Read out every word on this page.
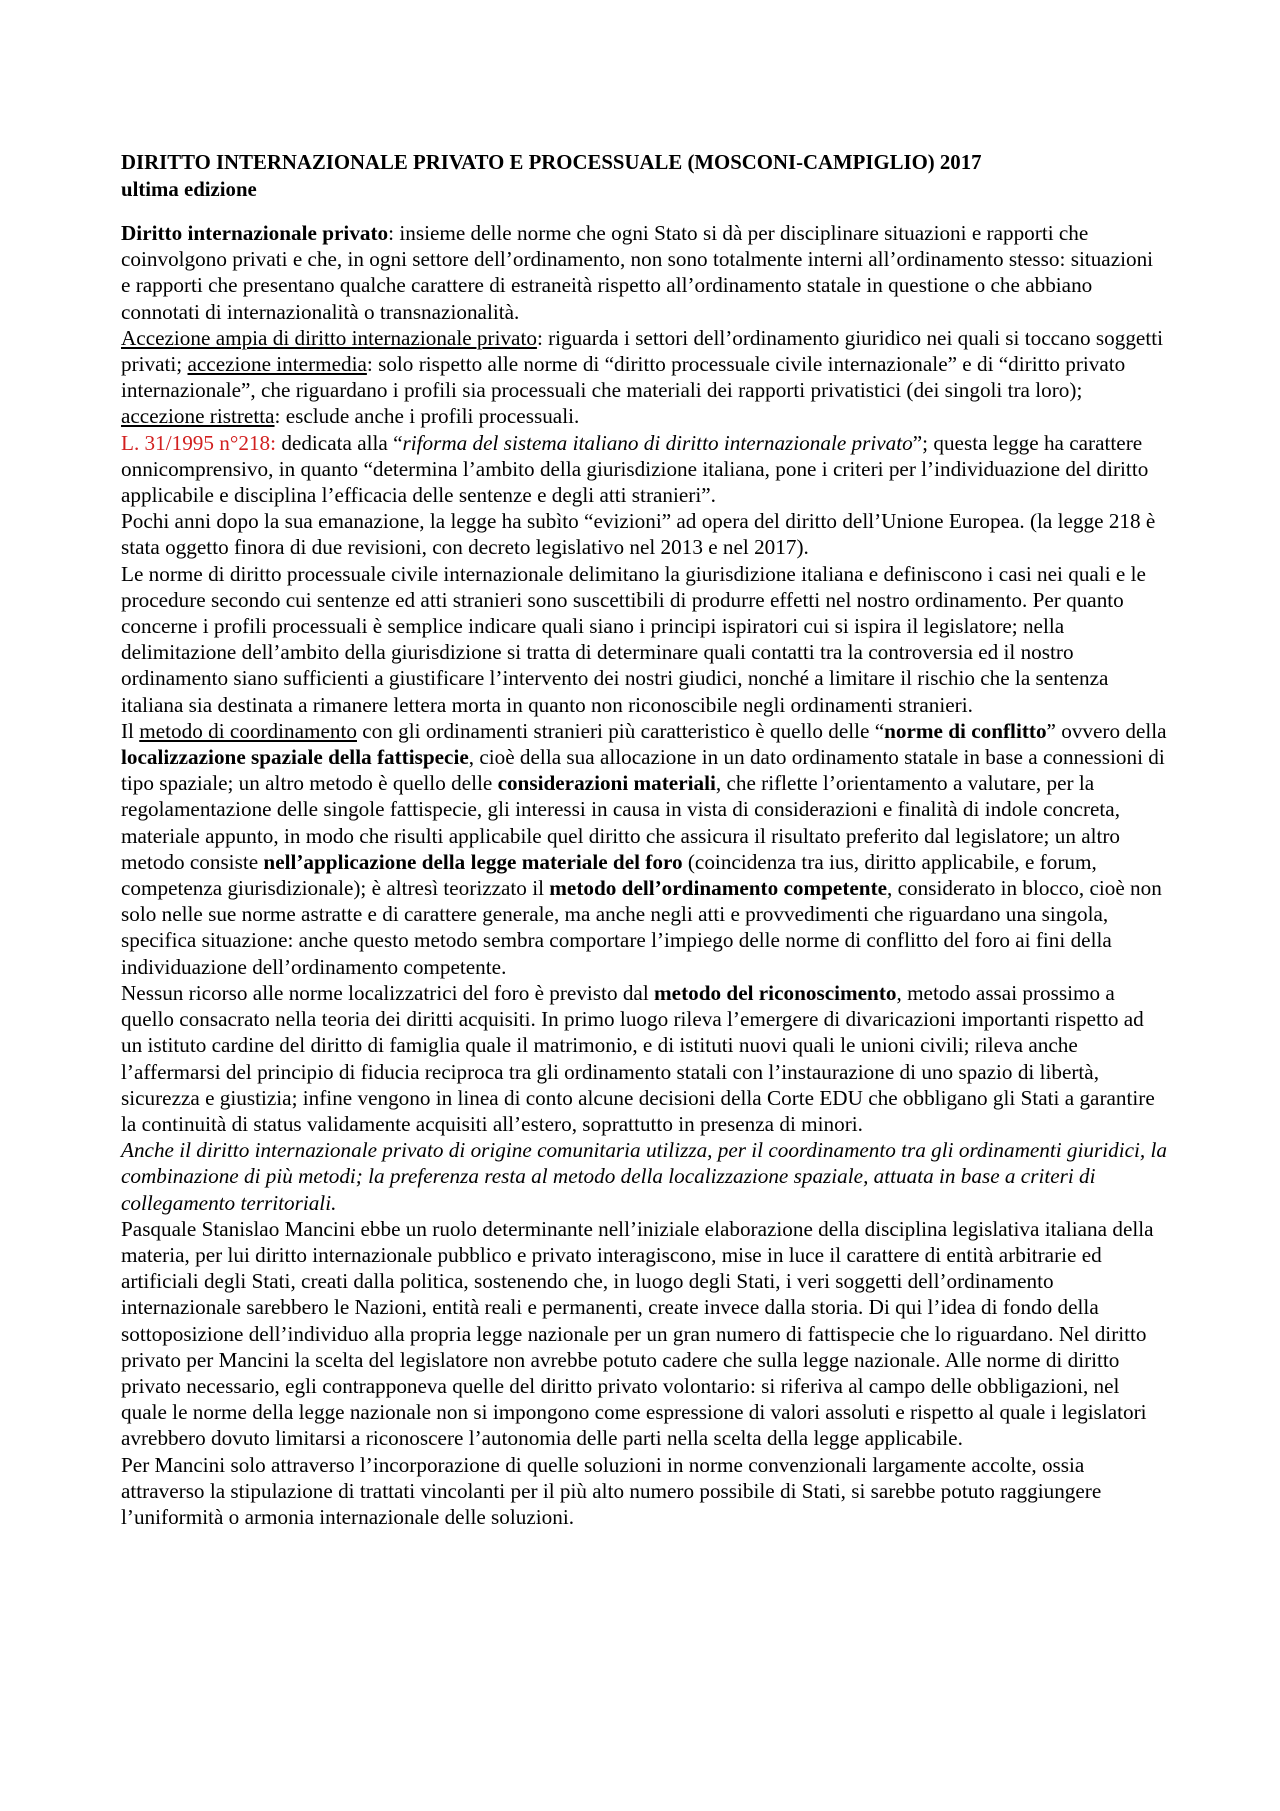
DIRITTO INTERNAZIONALE PRIVATO E PROCESSUALE (MOSCONI-CAMPIGLIO) 2017
ultima edizione

Diritto internazionale privato: insieme delle norme che ogni Stato si dà per disciplinare situazioni e rapporti che coinvolgono privati e che, in ogni settore dell’ordinamento, non sono totalmente interni all’ordinamento stesso: situazioni e rapporti che presentano qualche carattere di estraneità rispetto all’ordinamento statale in questione o che abbiano connotati di internazionalità o transnazionalità.

Accezione ampia di diritto internazionale privato: riguarda i settori dell’ordinamento giuridico nei quali si toccano soggetti privati; accezione intermedia: solo rispetto alle norme di “diritto processuale civile internazionale” e di “diritto privato internazionale”, che riguardano i profili sia processuali che materiali dei rapporti privatistici (dei singoli tra loro); accezione ristretta: esclude anche i profili processuali.

L. 31/1995 n°218: dedicata alla “riforma del sistema italiano di diritto internazionale privato”; questa legge ha carattere onnicomprensivo, in quanto “determina l’ambito della giurisdizione italiana, pone i criteri per l’individuazione del diritto applicabile e disciplina l’efficacia delle sentenze e degli atti stranieri”.

Pochi anni dopo la sua emanazione, la legge ha subìto “evizioni” ad opera del diritto dell’Unione Europea. (la legge 218 è stata oggetto finora di due revisioni, con decreto legislativo nel 2013 e nel 2017).

Le norme di diritto processuale civile internazionale delimitano la giurisdizione italiana e definiscono i casi nei quali e le procedure secondo cui sentenze ed atti stranieri sono suscettibili di produrre effetti nel nostro ordinamento. Per quanto concerne i profili processuali è semplice indicare quali siano i principi ispiratori cui si ispira il legislatore; nella delimitazione dell’ambito della giurisdizione si tratta di determinare quali contatti tra la controversia ed il nostro ordinamento siano sufficienti a giustificare l’intervento dei nostri giudici, nonché a limitare il rischio che la sentenza italiana sia destinata a rimanere lettera morta in quanto non riconoscibile negli ordinamenti stranieri.

Il metodo di coordinamento con gli ordinamenti stranieri più caratteristico è quello delle “norme di conflitto” ovvero della localizzazione spaziale della fattispecie, cioè della sua allocazione in un dato ordinamento statale in base a connessioni di tipo spaziale; un altro metodo è quello delle considerazioni materiali, che riflette l’orientamento a valutare, per la regolamentazione delle singole fattispecie, gli interessi in causa in vista di considerazioni e finalità di indole concreta, materiale appunto, in modo che risulti applicabile quel diritto che assicura il risultato preferito dal legislatore; un altro metodo consiste nell’applicazione della legge materiale del foro (coincidenza tra ius, diritto applicabile, e forum, competenza giurisdizionale); è altresì teorizzato il metodo dell’ordinamento competente, considerato in blocco, cioè non solo nelle sue norme astratte e di carattere generale, ma anche negli atti e provvedimenti che riguardano una singola, specifica situazione: anche questo metodo sembra comportare l’impiego delle norme di conflitto del foro ai fini della individuazione dell’ordinamento competente.

Nessun ricorso alle norme localizzatrici del foro è previsto dal metodo del riconoscimento, metodo assai prossimo a quello consacrato nella teoria dei diritti acquisiti. In primo luogo rileva l’emergere di divaricazioni importanti rispetto ad un istituto cardine del diritto di famiglia quale il matrimonio, e di istituti nuovi quali le unioni civili; rileva anche l’affermarsi del principio di fiducia reciproca tra gli ordinamento statali con l’instaurazione di uno spazio di libertà, sicurezza e giustizia; infine vengono in linea di conto alcune decisioni della Corte EDU che obbligano gli Stati a garantire la continuità di status validamente acquisiti all’estero, soprattutto in presenza di minori.

Anche il diritto internazionale privato di origine comunitaria utilizza, per il coordinamento tra gli ordinamenti giuridici, la combinazione di più metodi; la preferenza resta al metodo della localizzazione spaziale, attuata in base a criteri di collegamento territoriali.

Pasquale Stanislao Mancini ebbe un ruolo determinante nell’iniziale elaborazione della disciplina legislativa italiana della materia, per lui diritto internazionale pubblico e privato interagiscono, mise in luce il carattere di entità arbitrarie ed artificiali degli Stati, creati dalla politica, sostenendo che, in luogo degli Stati, i veri soggetti dell’ordinamento internazionale sarebbero le Nazioni, entità reali e permanenti, create invece dalla storia. Di qui l’idea di fondo della sottoposizione dell’individuo alla propria legge nazionale per un gran numero di fattispecie che lo riguardano. Nel diritto privato per Mancini la scelta del legislatore non avrebbe potuto cadere che sulla legge nazionale. Alle norme di diritto privato necessario, egli contrapponeva quelle del diritto privato volontario: si riferiva al campo delle obbligazioni, nel quale le norme della legge nazionale non si impongono come espressione di valori assoluti e rispetto al quale i legislatori avrebbero dovuto limitarsi a riconoscere l’autonomia delle parti nella scelta della legge applicabile.

Per Mancini solo attraverso l’incorporazione di quelle soluzioni in norme convenzionali largamente accolte, ossia attraverso la stipulazione di trattati vincolanti per il più alto numero possibile di Stati, si sarebbe potuto raggiungere l’uniformità o armonia internazionale delle soluzioni.
